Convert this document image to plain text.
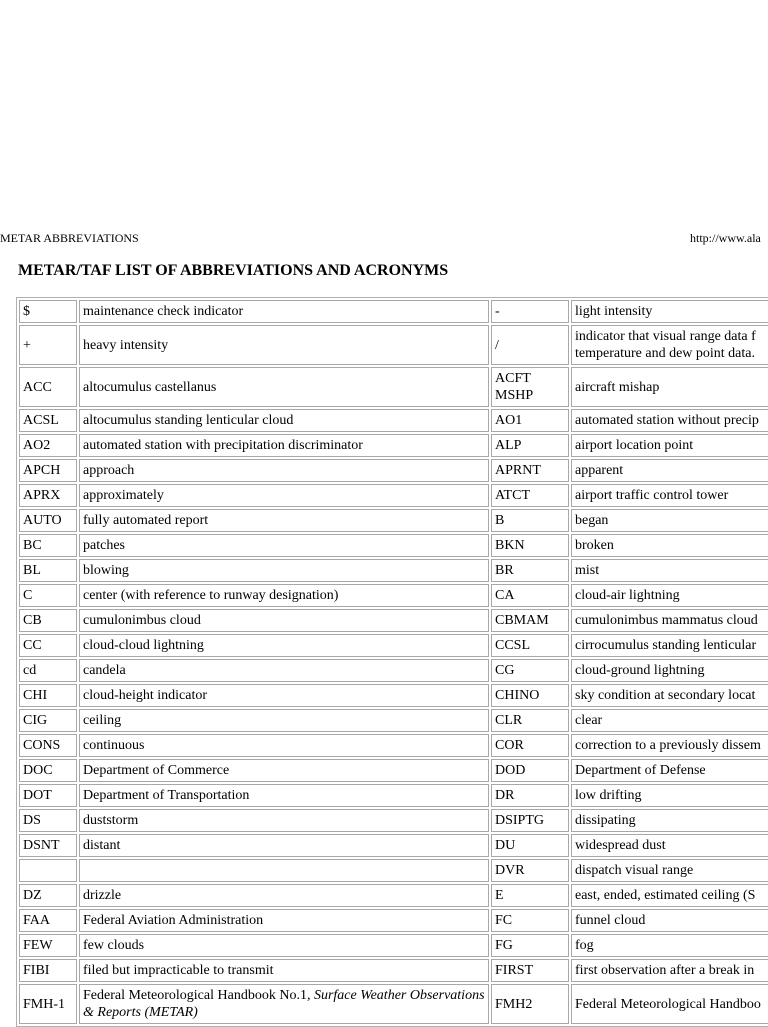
METAR ABBREVIATIONS	http://www.ala
METAR/TAF LIST OF ABBREVIATIONS AND ACRONYMS
$	maintenance check indicator	-	light intensity
+	heavy intensity	/	indicator that visual range data f temperature and dew point data.
ACC	altocumulus castellanus	ACFT MSHP	aircraft mishap
ACSL	altocumulus standing lenticular cloud	AO1	automated station without precip
AO2	automated station with precipitation discriminator	ALP	airport location point
APCH	approach	APRNT	apparent
APRX	approximately	ATCT	airport traffic control tower
AUTO	fully automated report	B	began
BC	patches	BKN	broken
BL	blowing	BR	mist
C	center (with reference to runway designation)	CA	cloud-air lightning
CB	cumulonimbus cloud	CBMAM	cumulonimbus mammatus cloud
CC	cloud-cloud lightning	CCSL	cirrocumulus standing lenticular
cd	candela	CG	cloud-ground lightning
CHI	cloud-height indicator	CHINO	sky condition at secondary locat
CIG	ceiling	CLR	clear
CONS	continuous	COR	correction to a previously dissem
DOC	Department of Commerce	DOD	Department of Defense
DOT	Department of Transportation	DR	low drifting
DS	duststorm	DSIPTG	dissipating
DSNT	distant	DU	widespread dust
		DVR	dispatch visual range
DZ	drizzle	E	east, ended, estimated ceiling (S
FAA	Federal Aviation Administration	FC	funnel cloud
FEW	few clouds	FG	fog
FIBI	filed but impracticable to transmit	FIRST	first observation after a break in
FMH-1	Federal Meteorological Handbook No.1, Surface Weather Observations & Reports (METAR)	FMH2	Federal Meteorological Handboo
